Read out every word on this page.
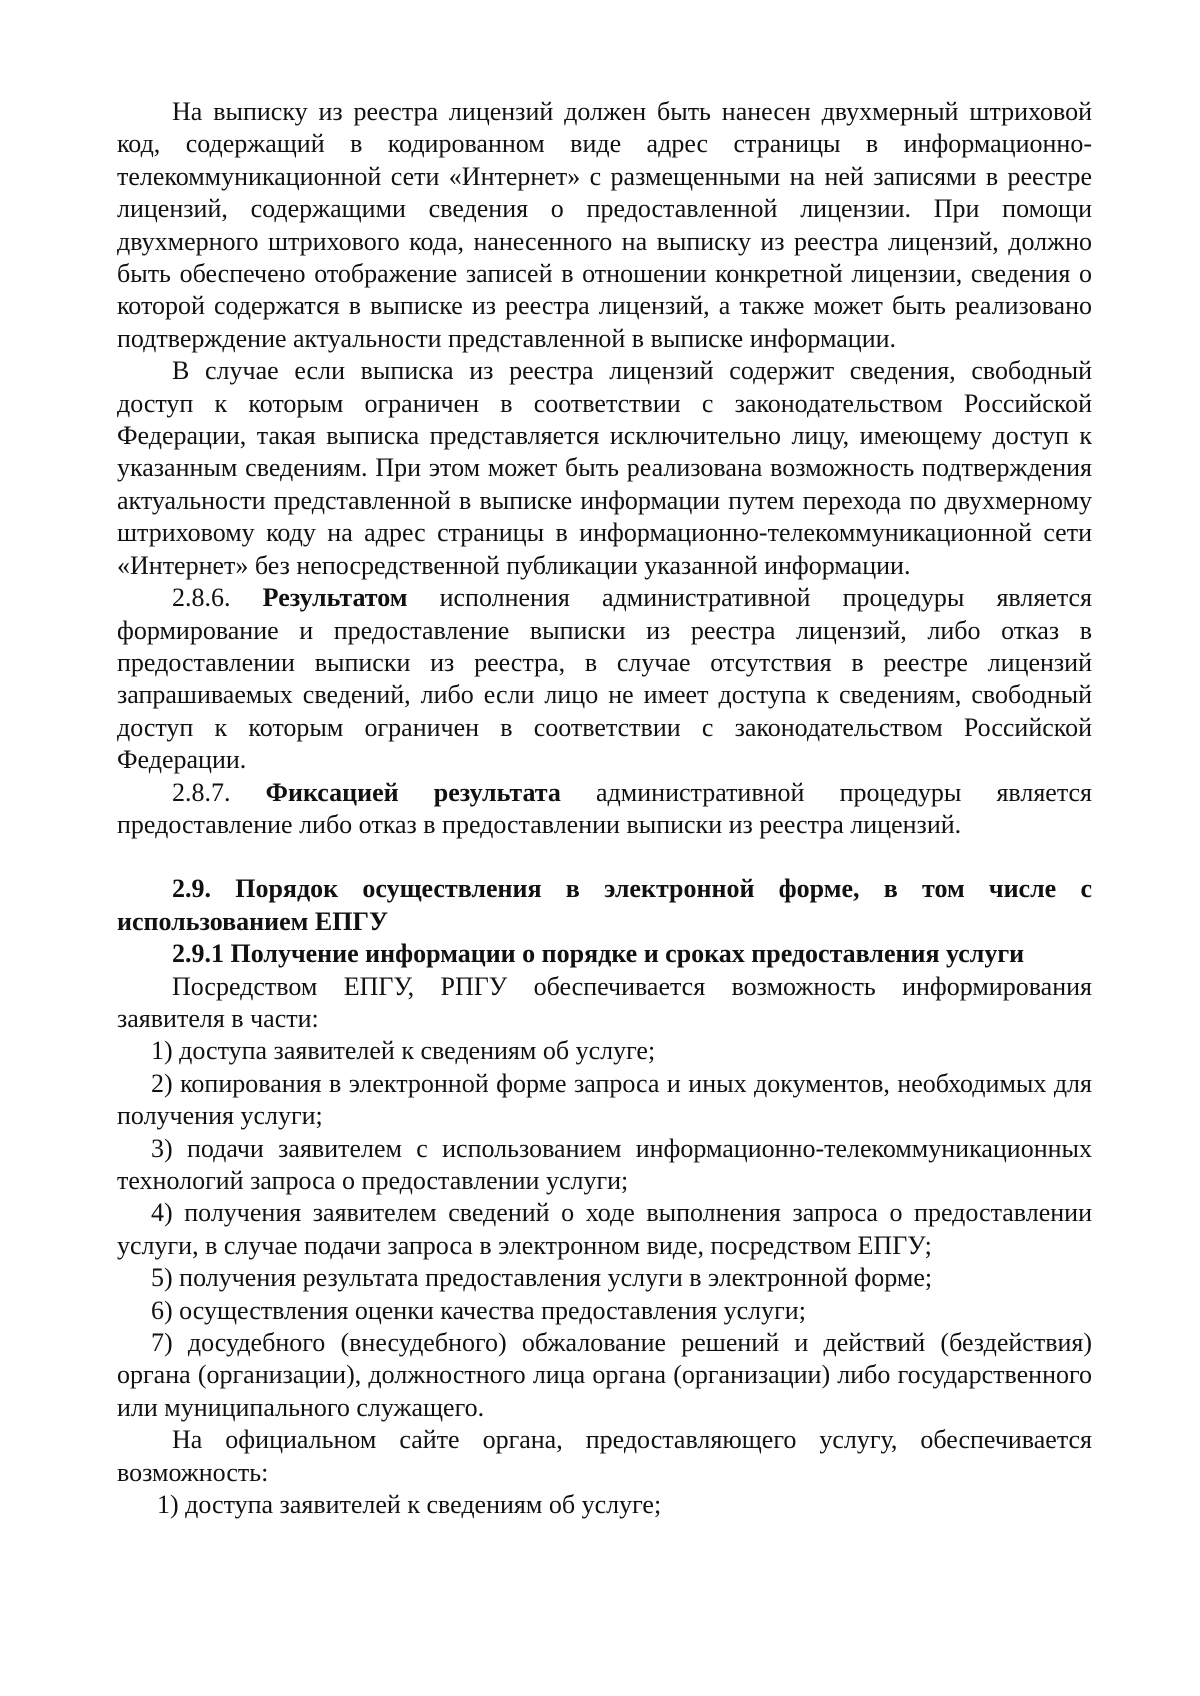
На выписку из реестра лицензий должен быть нанесен двухмерный штриховой код, содержащий в кодированном виде адрес страницы в информационно-телекоммуникационной сети «Интернет» с размещенными на ней записями в реестре лицензий, содержащими сведения о предоставленной лицензии. При помощи двухмерного штрихового кода, нанесенного на выписку из реестра лицензий, должно быть обеспечено отображение записей в отношении конкретной лицензии, сведения о которой содержатся в выписке из реестра лицензий, а также может быть реализовано подтверждение актуальности представленной в выписке информации.

В случае если выписка из реестра лицензий содержит сведения, свободный доступ к которым ограничен в соответствии с законодательством Российской Федерации, такая выписка представляется исключительно лицу, имеющему доступ к указанным сведениям. При этом может быть реализована возможность подтверждения актуальности представленной в выписке информации путем перехода по двухмерному штриховому коду на адрес страницы в информационно-телекоммуникационной сети «Интернет» без непосредственной публикации указанной информации.

2.8.6. Результатом исполнения административной процедуры является формирование и предоставление выписки из реестра лицензий, либо отказ в предоставлении выписки из реестра, в случае отсутствия в реестре лицензий запрашиваемых сведений, либо если лицо не имеет доступа к сведениям, свободный доступ к которым ограничен в соответствии с законодательством Российской Федерации.

2.8.7. Фиксацией результата административной процедуры является предоставление либо отказ в предоставлении выписки из реестра лицензий.

2.9. Порядок осуществления в электронной форме, в том числе с использованием ЕПГУ

2.9.1 Получение информации о порядке и сроках предоставления услуги

Посредством ЕПГУ, РПГУ обеспечивается возможность информирования заявителя в части:

1) доступа заявителей к сведениям об услуге;

2) копирования в электронной форме запроса и иных документов, необходимых для получения услуги;

3) подачи заявителем с использованием информационно-телекоммуникационных технологий запроса о предоставлении услуги;

4) получения заявителем сведений о ходе выполнения запроса о предоставлении услуги, в случае подачи запроса в электронном виде, посредством ЕПГУ;

5) получения результата предоставления услуги в электронной форме;

6) осуществления оценки качества предоставления услуги;

7) досудебного (внесудебного) обжалование решений и действий (бездействия) органа (организации), должностного лица органа (организации) либо государственного или муниципального служащего.

На официальном сайте органа, предоставляющего услугу, обеспечивается возможность:

1) доступа заявителей к сведениям об услуге;
